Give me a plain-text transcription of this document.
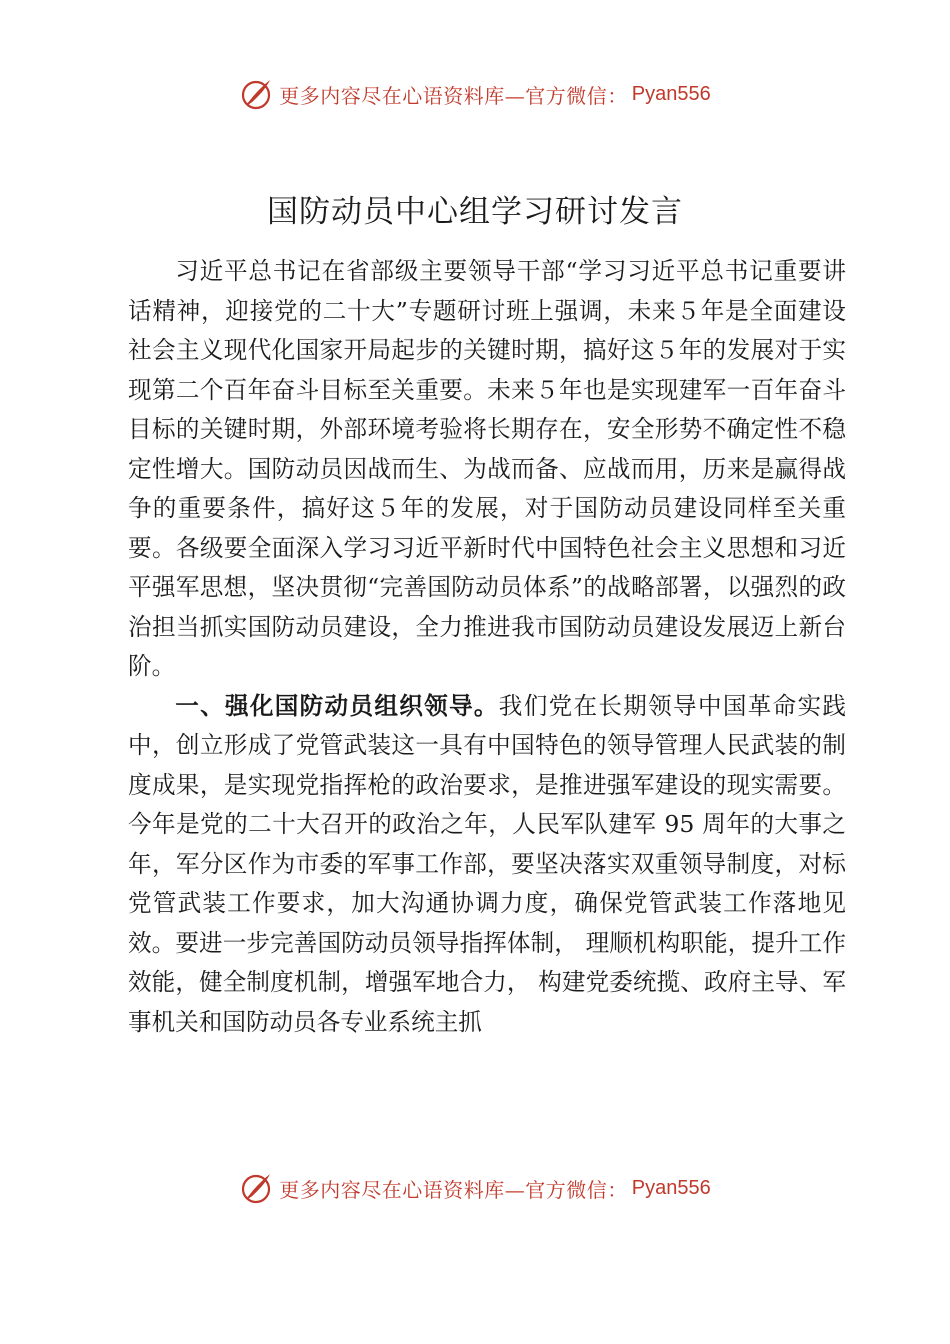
更多内容尽在心语资料库—官方微信： Pyan556
国防动员中心组学习研讨发言

习近平总书记在省部级主要领导干部“学习习近平总书记重要讲话精神，迎接党的二十大”专题研讨班上强调，未来５年是全面建设社会主义现代化国家开局起步的关键时期，搞好这５年的发展对于实现第二个百年奋斗目标至关重要。未来５年也是实现建军一百年奋斗目标的关键时期，外部环境考验将长期存在，安全形势不确定性不稳定性增大。国防动员因战而生、为战而备、应战而用，历来是赢得战争的重要条件，搞好这５年的发展，对于国防动员建设同样至关重要。各级要全面深入学习习近平新时代中国特色社会主义思想和习近平强军思想，坚决贯彻“完善国防动员体系”的战略部署，以强烈的政治担当抓实国防动员建设，全力推进我市国防动员建设发展迈上新台阶。

一、强化国防动员组织领导。我们党在长期领导中国革命实践中，创立形成了党管武装这一具有中国特色的领导管理人民武装的制度成果，是实现党指挥枪的政治要求，是推进强军建设的现实需要。今年是党的二十大召开的政治之年，人民军队建军 95 周年的大事之年，军分区作为市委的军事工作部，要坚决落实双重领导制度，对标党管武装工作要求，加大沟通协调力度，确保党管武装工作落地见效。要进一步完善国防动员领导指挥体制， 理顺机构职能，提升工作效能，健全制度机制，增强军地合力， 构建党委统揽、政府主导、军事机关和国防动员各专业系统主抓

更多内容尽在心语资料库—官方微信： Pyan556
